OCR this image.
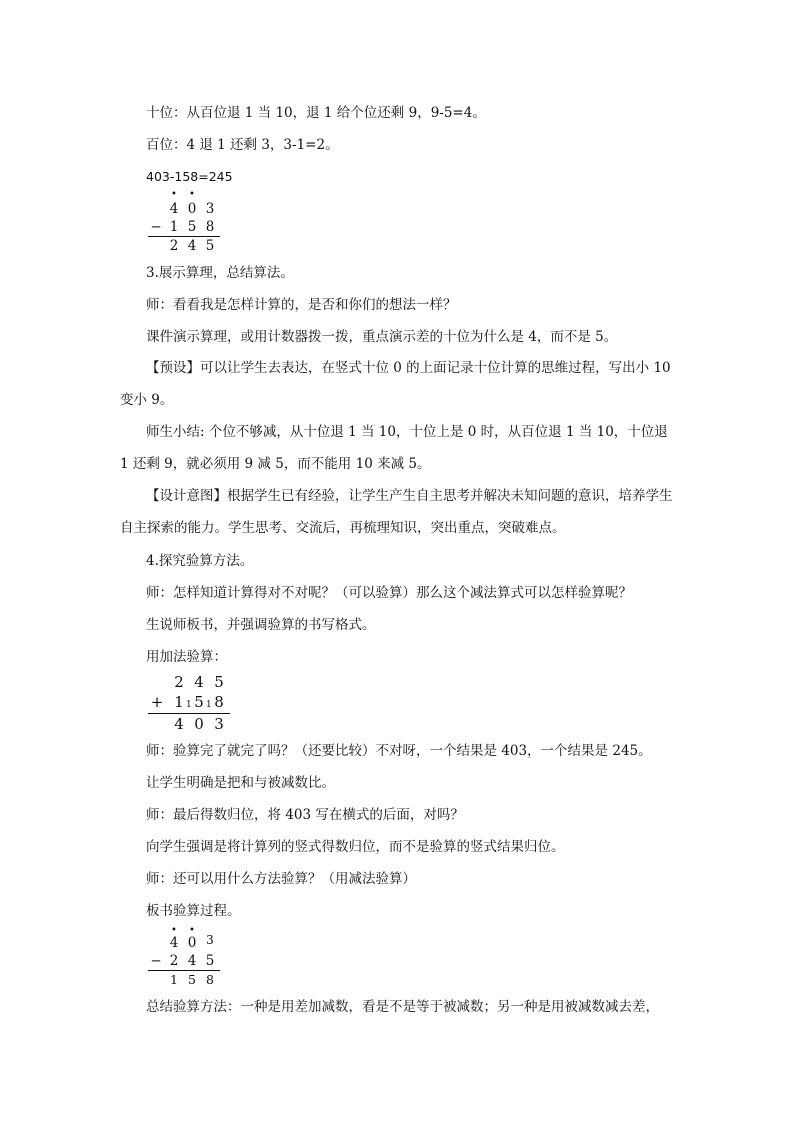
十位：从百位退 1 当 10，退 1 给个位还剩 9，9-5=4。
百位：4 退 1 还剩 3，3-1=2。
403-158=245
•	•
4 0 3
− 1 5 8
2 4 5
3.展示算理，总结算法。
师：看看我是怎样计算的，是否和你们的想法一样？
课件演示算理，或用计数器拨一拨，重点演示差的十位为什么是 4，而不是 5。
【预设】可以让学生去表达，在竖式十位 0 的上面记录十位计算的思维过程，写出小 10 变小 9。
师生小结: 个位不够减，从十位退 1 当 10，十位上是 0 时，从百位退 1 当 10，十位退 1 还剩 9，就必须用 9 减 5，而不能用 10 来减 5。
【设计意图】根据学生已有经验，让学生产生自主思考并解决未知问题的意识，培养学生自主探索的能力。学生思考、交流后，再梳理知识，突出重点，突破难点。
4.探究验算方法。
师：怎样知道计算得对不对呢？（可以验算）那么这个减法算式可以怎样验算呢？
生说师板书，并强调验算的书写格式。
用加法验算：
2 4 5
+ 1 1 5 1 8
4 0 3
师：验算完了就完了吗？（还要比较）不对呀，一个结果是 403，一个结果是 245。
让学生明确是把和与被减数比。
师：最后得数归位，将 403 写在横式的后面，对吗？
向学生强调是将计算列的竖式得数归位，而不是验算的竖式结果归位。
师：还可以用什么方法验算？（用减法验算）
板书验算过程。
•	•
4 0 3
− 2 4 5
1 5 8
总结验算方法：一种是用差加减数，看是不是等于被减数；另一种是用被减数减去差，
